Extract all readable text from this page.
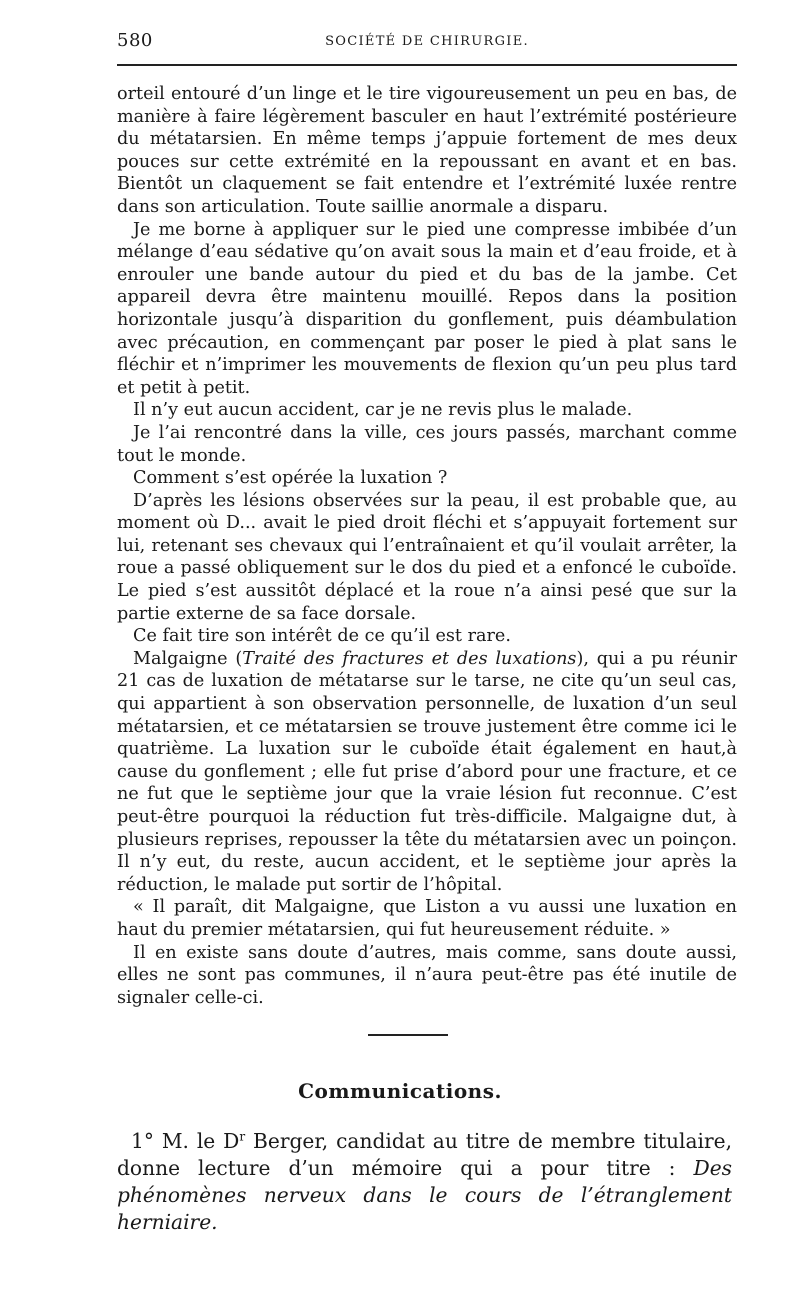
580	SOCIÉTÉ DE CHIRURGIE.

orteil entouré d’un linge et le tire vigoureusement un peu en bas, de manière à faire légèrement basculer en haut l’extrémité postérieure du métatarsien. En même temps j’appuie fortement de mes deux pouces sur cette extrémité en la repoussant en avant et en bas. Bientôt un claquement se fait entendre et l’extrémité luxée rentre dans son articulation. Toute saillie anormale a disparu.

Je me borne à appliquer sur le pied une compresse imbibée d’un mélange d’eau sédative qu’on avait sous la main et d’eau froide, et à enrouler une bande autour du pied et du bas de la jambe. Cet appareil devra être maintenu mouillé. Repos dans la position horizontale jusqu’à disparition du gonflement, puis déambulation avec précaution, en commençant par poser le pied à plat sans le fléchir et n’imprimer les mouvements de flexion qu’un peu plus tard et petit à petit.

Il n’y eut aucun accident, car je ne revis plus le malade.

Je l’ai rencontré dans la ville, ces jours passés, marchant comme tout le monde.

Comment s’est opérée la luxation ?

D’après les lésions observées sur la peau, il est probable que, au moment où D... avait le pied droit fléchi et s’appuyait fortement sur lui, retenant ses chevaux qui l’entraînaient et qu’il voulait arrêter, la roue a passé obliquement sur le dos du pied et a enfoncé le cuboïde. Le pied s’est aussitôt déplacé et la roue n’a ainsi pesé que sur la partie externe de sa face dorsale.

Ce fait tire son intérêt de ce qu’il est rare.

Malgaigne (Traité des fractures et des luxations), qui a pu réunir 21 cas de luxation de métatarse sur le tarse, ne cite qu’un seul cas, qui appartient à son observation personnelle, de luxation d’un seul métatarsien, et ce métatarsien se trouve justement être comme ici le quatrième. La luxation sur le cuboïde était également en haut,à cause du gonflement ; elle fut prise d’abord pour une fracture, et ce ne fut que le septième jour que la vraie lésion fut reconnue. C’est peut-être pourquoi la réduction fut très-difficile. Malgaigne dut, à plusieurs reprises, repousser la tête du métatarsien avec un poinçon. Il n’y eut, du reste, aucun accident, et le septième jour après la réduction, le malade put sortir de l’hôpital.

« Il paraît, dit Malgaigne, que Liston a vu aussi une luxation en haut du premier métatarsien, qui fut heureusement réduite. »

Il en existe sans doute d’autres, mais comme, sans doute aussi, elles ne sont pas communes, il n’aura peut-être pas été inutile de signaler celle-ci.

Communications.

1° M. le $D^r$ Berger, candidat au titre de membre titulaire, donne lecture d’un mémoire qui a pour titre : Des phénomènes nerveux dans le cours de l’étranglement herniaire.
